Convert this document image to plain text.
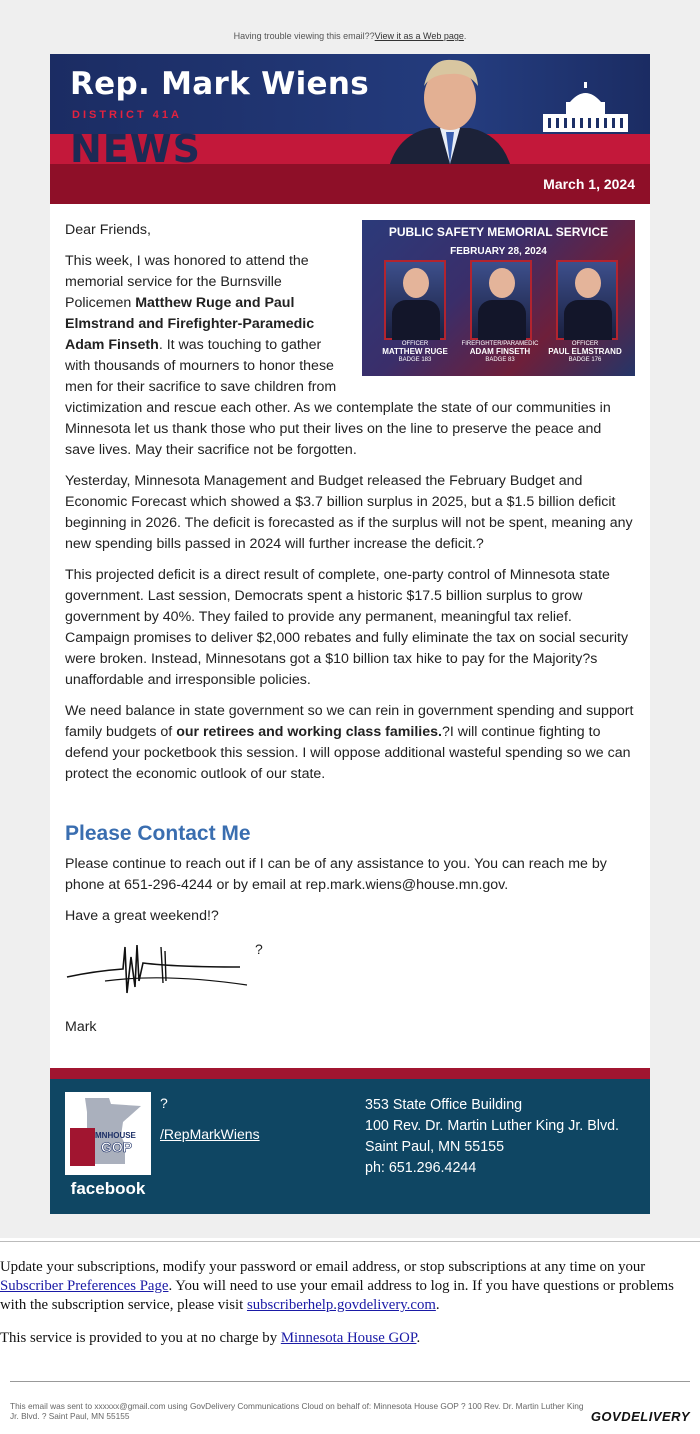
Having trouble viewing this email??View it as a Web page.
Rep. Mark Wiens
DISTRICT 41A
NEWS
March 1, 2024
PUBLIC SAFETY MEMORIAL SERVICE
FEBRUARY 28, 2024
OFFICER
MATTHEW RUGE
BADGE 183
FIREFIGHTER/PARAMEDIC
ADAM FINSETH
BADGE 83
OFFICER
PAUL ELMSTRAND
BADGE 176

Dear Friends,

This week, I was honored to attend the memorial service for the Burnsville Policemen Matthew Ruge and Paul Elmstrand and Firefighter-Paramedic Adam Finseth. It was touching to gather with thousands of mourners to honor these men for their sacrifice to save children from victimization and rescue each other. As we contemplate the state of our communities in Minnesota let us thank those who put their lives on the line to preserve the peace and save lives. May their sacrifice not be forgotten.

Yesterday, Minnesota Management and Budget released the February Budget and Economic Forecast which showed a $3.7 billion surplus in 2025, but a $1.5 billion deficit beginning in 2026. The deficit is forecasted as if the surplus will not be spent, meaning any new spending bills passed in 2024 will further increase the deficit.?

This projected deficit is a direct result of complete, one-party control of Minnesota state government. Last session, Democrats spent a historic $17.5 billion surplus to grow government by 40%. They failed to provide any permanent, meaningful tax relief. Campaign promises to deliver $2,000 rebates and fully eliminate the tax on social security were broken. Instead, Minnesotans got a $10 billion tax hike to pay for the Majority?s unaffordable and irresponsible policies.

We need balance in state government so we can rein in government spending and support family budgets of our retirees and working class families.?I will continue fighting to defend your pocketbook this session. I will oppose additional wasteful spending so we can protect the economic outlook of our state.

Please Contact Me

Please continue to reach out if I can be of any assistance to you. You can reach me by phone at 651-296-4244 or by email at rep.mark.wiens@house.mn.gov.

Have a great weekend!?

?

Mark

MNHOUSE
GOP
facebook
?
/RepMarkWiens
353 State Office Building
100 Rev. Dr. Martin Luther King Jr. Blvd.
Saint Paul, MN 55155
ph: 651.296.4244

Update your subscriptions, modify your password or email address, or stop subscriptions at any time on your Subscriber Preferences Page. You will need to use your email address to log in. If you have questions or problems with the subscription service, please visit subscriberhelp.govdelivery.com.

This service is provided to you at no charge by Minnesota House GOP.

This email was sent to xxxxxx@gmail.com using GovDelivery Communications Cloud on behalf of: Minnesota House GOP ? 100 Rev. Dr. Martin Luther King Jr. Blvd. ? Saint Paul, MN 55155	GOVDELIVERY
